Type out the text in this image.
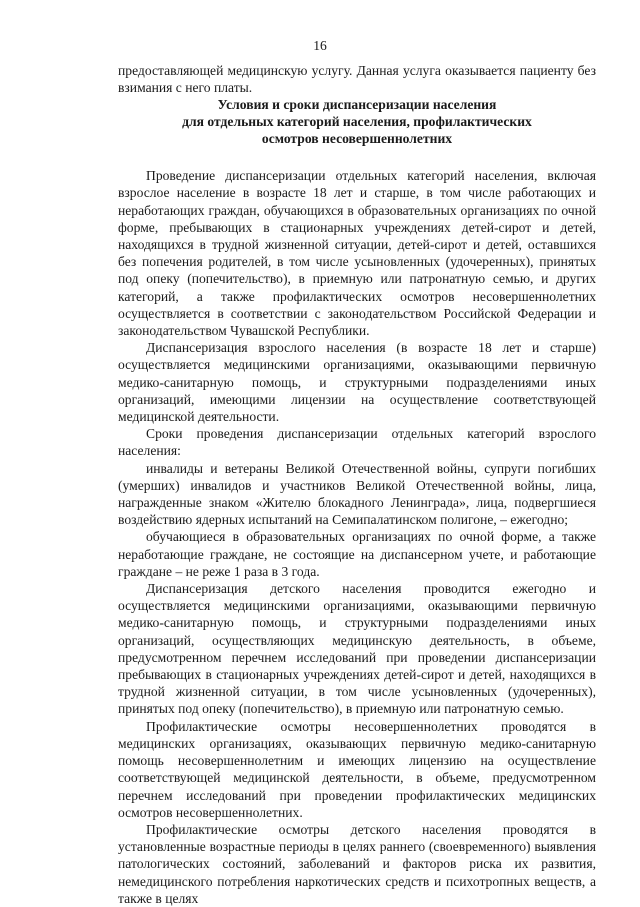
16

предоставляющей медицинскую услугу. Данная услуга оказывается пациенту без взимания с него платы.

Условия и сроки диспансеризации населения
для отдельных категорий населения, профилактических
осмотров несовершеннолетних

Проведение диспансеризации отдельных категорий населения, включая взрослое население в возрасте 18 лет и старше, в том числе работающих и неработающих граждан, обучающихся в образовательных организациях по очной форме, пребывающих в стационарных учреждениях детей-сирот и детей, находящихся в трудной жизненной ситуации, детей-сирот и детей, оставшихся без попечения родителей, в том числе усыновленных (удочеренных), принятых под опеку (попечительство), в приемную или патронатную семью, и других категорий, а также профилактических осмотров несовершеннолетних осуществляется в соответствии с законодательством Российской Федерации и законодательством Чувашской Республики.

Диспансеризация взрослого населения (в возрасте 18 лет и старше) осуществляется медицинскими организациями, оказывающими первичную медико-санитарную помощь, и структурными подразделениями иных организаций, имеющими лицензии на осуществление соответствующей медицинской деятельности.

Сроки проведения диспансеризации отдельных категорий взрослого населения:

инвалиды и ветераны Великой Отечественной войны, супруги погибших (умерших) инвалидов и участников Великой Отечественной войны, лица, награжденные знаком «Жителю блокадного Ленинграда», лица, подвергшиеся воздействию ядерных испытаний на Семипалатинском полигоне, – ежегодно;

обучающиеся в образовательных организациях по очной форме, а также неработающие граждане, не состоящие на диспансерном учете, и работающие граждане – не реже 1 раза в 3 года.

Диспансеризация детского населения проводится ежегодно и осуществляется медицинскими организациями, оказывающими первичную медико-санитарную помощь, и структурными подразделениями иных организаций, осуществляющих медицинскую деятельность, в объеме, предусмотренном перечнем исследований при проведении диспансеризации пребывающих в стационарных учреждениях детей-сирот и детей, находящихся в трудной жизненной ситуации, в том числе усыновленных (удочеренных), принятых под опеку (попечительство), в приемную или патронатную семью.

Профилактические осмотры несовершеннолетних проводятся в медицинских организациях, оказывающих первичную медико-санитарную помощь несовершеннолетним и имеющих лицензию на осуществление соответствующей медицинской деятельности, в объеме, предусмотренном перечнем исследований при проведении профилактических медицинских осмотров несовершеннолетних.

Профилактические осмотры детского населения проводятся в установленные возрастные периоды в целях раннего (своевременного) выявления патологических состояний, заболеваний и факторов риска их развития, немедицинского потребления наркотических средств и психотропных веществ, а также в целях
